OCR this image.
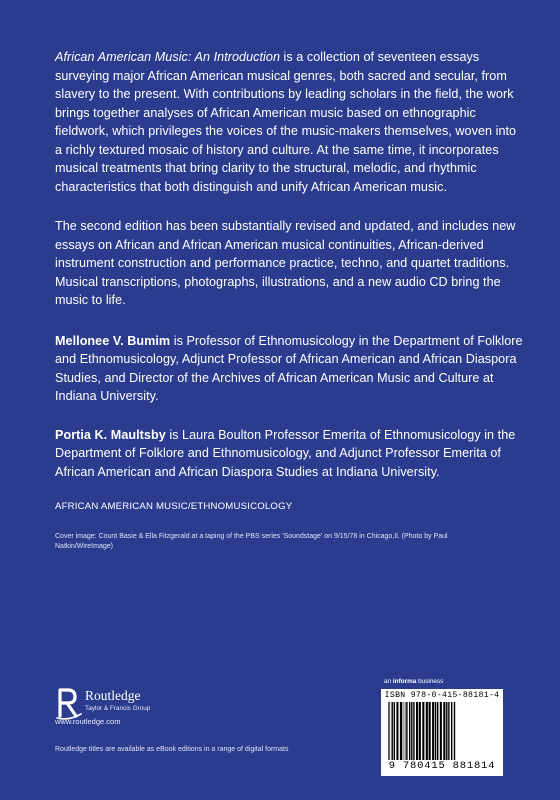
African American Music: An Introduction is a collection of seventeen essays surveying major African American musical genres, both sacred and secular, from slavery to the present. With contributions by leading scholars in the field, the work brings together analyses of African American music based on ethnographic fieldwork, which privileges the voices of the music-makers themselves, woven into a richly textured mosaic of history and culture. At the same time, it incorporates musical treatments that bring clarity to the structural, melodic, and rhythmic characteristics that both distinguish and unify African American music.

The second edition has been substantially revised and updated, and includes new essays on African and African American musical continuities, African-derived instrument construction and performance practice, techno, and quartet traditions. Musical transcriptions, photographs, illustrations, and a new audio CD bring the music to life.

Mellonee V. Bumim is Professor of Ethnomusicology in the Department of Folklore and Ethnomusicology, Adjunct Professor of African American and African Diaspora Studies, and Director of the Archives of African American Music and Culture at Indiana University.

Portia K. Maultsby is Laura Boulton Professor Emerita of Ethnomusicology in the Department of Folklore and Ethnomusicology, and Adjunct Professor Emerita of African American and African Diaspora Studies at Indiana University.

AFRICAN AMERICAN MUSIC/ETHNOMUSICOLOGY

Cover image: Count Basie & Ella Fitzgerald at a taping of the PBS series 'Soundstage' on 9/15/78 in Chicago,Il. (Photo by Paul Natkin/WireImage)

Routledge
Taylor & Francis Group
www.routledge.com
Routledge titles are available as eBook editions in a range of digital formats
an informa business
ISBN 978-0-415-88181-4
9 780415 881814
